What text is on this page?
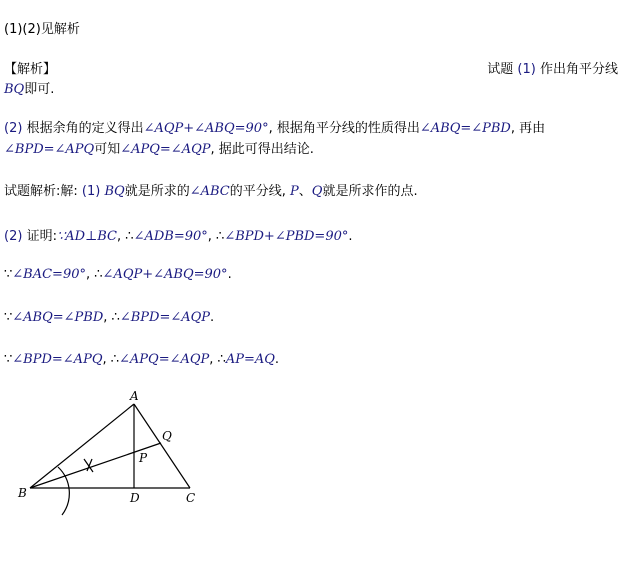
(1)(2)见解析
【解析】	试题 (1) 作出角平分线
BQ即可.
(2) 根据余角的定义得出∠AQP+∠ABQ=90°, 根据角平分线的性质得出∠ABQ=∠PBD, 再由
∠BPD=∠APQ可知∠APQ=∠AQP, 据此可得出结论.
试题解析:解: (1) BQ就是所求的∠ABC的平分线, P、Q就是所求作的点.
(2) 证明:∵AD⊥BC, ∴∠ADB=90°, ∴∠BPD+∠PBD=90°.
∵∠BAC=90°, ∴∠AQP+∠ABQ=90°.
∵∠ABQ=∠PBD, ∴∠BPD=∠AQP.
∵∠BPD=∠APQ, ∴∠APQ=∠AQP, ∴AP=AQ.
A
B	C
D
P
Q
